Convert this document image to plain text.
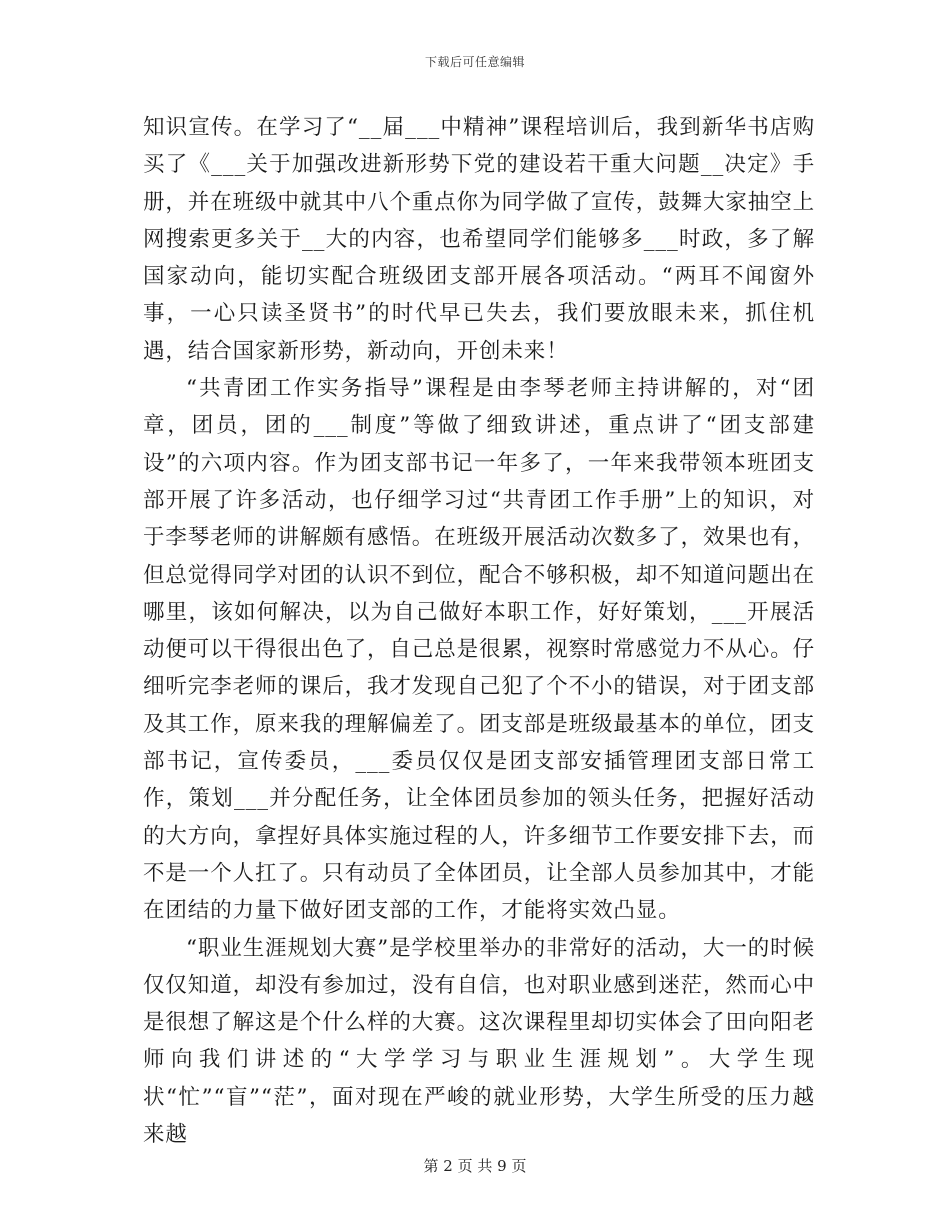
下载后可任意编辑

知识宣传。在学习了“__届___中精神”课程培训后，我到新华书店购买了《___关于加强改进新形势下党的建设若干重大问题__决定》手册，并在班级中就其中八个重点你为同学做了宣传，鼓舞大家抽空上网搜索更多关于__大的内容，也希望同学们能够多___时政，多了解国家动向，能切实配合班级团支部开展各项活动。“两耳不闻窗外事，一心只读圣贤书”的时代早已失去，我们要放眼未来，抓住机遇，结合国家新形势，新动向，开创未来！

“共青团工作实务指导”课程是由李琴老师主持讲解的，对“团章，团员，团的___制度”等做了细致讲述，重点讲了“团支部建设”的六项内容。作为团支部书记一年多了，一年来我带领本班团支部开展了许多活动，也仔细学习过“共青团工作手册”上的知识，对于李琴老师的讲解颇有感悟。在班级开展活动次数多了，效果也有，但总觉得同学对团的认识不到位，配合不够积极，却不知道问题出在哪里，该如何解决，以为自己做好本职工作，好好策划，___开展活动便可以干得很出色了，自己总是很累，视察时常感觉力不从心。仔细听完李老师的课后，我才发现自己犯了个不小的错误，对于团支部及其工作，原来我的理解偏差了。团支部是班级最基本的单位，团支部书记，宣传委员，___委员仅仅是团支部安插管理团支部日常工作，策划___并分配任务，让全体团员参加的领头任务，把握好活动的大方向，拿捏好具体实施过程的人，许多细节工作要安排下去，而不是一个人扛了。只有动员了全体团员，让全部人员参加其中，才能在团结的力量下做好团支部的工作，才能将实效凸显。

“职业生涯规划大赛”是学校里举办的非常好的活动，大一的时候仅仅知道，却没有参加过，没有自信，也对职业感到迷茫，然而心中是很想了解这是个什么样的大赛。这次课程里却切实体会了田向阳老师向我们讲述的“大学学习与职业生涯规划”。大学生现状“忙”“盲”“茫”，面对现在严峻的就业形势，大学生所受的压力越来越

第 2 页 共 9 页
